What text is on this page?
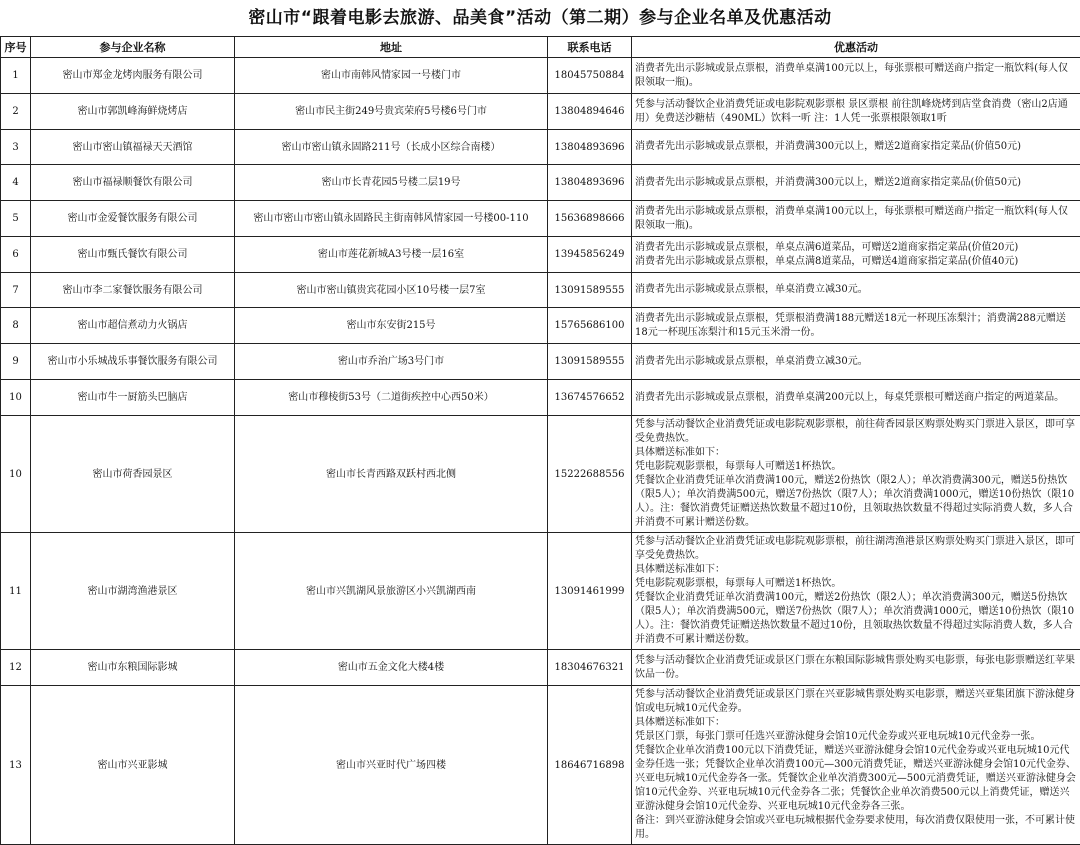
密山市“跟着电影去旅游、品美食”活动（第二期）参与企业名单及优惠活动
序号	参与企业名称	地址	联系电话	优惠活动
1	密山市郑金龙烤肉服务有限公司	密山市南韩风情家园一号楼门市	18045750884	消费者先出示影城或景点票根，消费单桌满100元以上，每张票根可赠送商户指定一瓶饮料(每人仅限领取一瓶)。
2	密山市郭凯峰海鲜烧烤店	密山市民主街249号贵宾荣府5号楼6号门市	13804894646	凭参与活动餐饮企业消费凭证或电影院观影票根 景区票根 前往凯峰烧烤到店堂食消费（密山2店通用）免费送沙糖桔（490ML）饮料一听 注：1人凭一张票根限领取1听
3	密山市密山镇福禄天天酒馆	密山市密山镇永固路211号（长成小区综合南楼）	13804893696	消费者先出示影城或景点票根，并消费满300元以上，赠送2道商家指定菜品(价值50元)
4	密山市福禄顺餐饮有限公司	密山市长青花园5号楼二层19号	13804893696	消费者先出示影城或景点票根，并消费满300元以上，赠送2道商家指定菜品(价值50元)
5	密山市金爱餐饮服务有限公司	密山市密山市密山镇永固路民主街南韩风情家园一号楼00-110	15636898666	消费者先出示影城或景点票根，消费单桌满100元以上，每张票根可赠送商户指定一瓶饮料(每人仅限领取一瓶)。
6	密山市甄氏餐饮有限公司	密山市莲花新城A3号楼一层16室	13945856249	消费者先出示影城或景点票根，单桌点满6道菜品，可赠送2道商家指定菜品(价值20元)
消费者先出示影城或景点票根，单桌点满8道菜品，可赠送4道商家指定菜品(价值40元)
7	密山市李二家餐饮服务有限公司	密山市密山镇贵宾花园小区10号楼一层7室	13091589555	消费者先出示影城或景点票根，单桌消费立减30元。
8	密山市超信煮动力火锅店	密山市东安街215号	15765686100	消费者先出示影城或景点票根，凭票根消费满188元赠送18元一杯现压冻梨汁；消费满288元赠送18元一杯现压冻梨汁和15元玉米滑一份。
9	密山市小乐城战乐事餐饮服务有限公司	密山市乔治广场3号门市	13091589555	消费者先出示影城或景点票根，单桌消费立减30元。
10	密山市牛一厨筋头巴脑店	密山市穆棱街53号（二道街疾控中心西50米）	13674576652	消费者先出示影城或景点票根，消费单桌满200元以上，每桌凭票根可赠送商户指定的两道菜品。
10	密山市荷香园景区	密山市长青西路双跃村西北侧	15222688556	凭参与活动餐饮企业消费凭证或电影院观影票根，前往荷香园景区购票处购买门票进入景区，即可享受免费热饮。
具体赠送标准如下：
凭电影院观影票根，每票每人可赠送1杯热饮。
凭餐饮企业消费凭证单次消费满100元，赠送2份热饮（限2人）；单次消费满300元，赠送5份热饮（限5人）；单次消费满500元，赠送7份热饮（限7人）；单次消费满1000元，赠送10份热饮（限10人）。注：餐饮消费凭证赠送热饮数量不超过10份，且领取热饮数量不得超过实际消费人数，多人合并消费不可累计赠送份数。
11	密山市湖湾渔港景区	密山市兴凯湖风景旅游区小兴凯湖西南	13091461999	凭参与活动餐饮企业消费凭证或电影院观影票根，前往湖湾渔港景区购票处购买门票进入景区，即可享受免费热饮。
具体赠送标准如下：
凭电影院观影票根，每票每人可赠送1杯热饮。
凭餐饮企业消费凭证单次消费满100元，赠送2份热饮（限2人）；单次消费满300元，赠送5份热饮（限5人）；单次消费满500元，赠送7份热饮（限7人）；单次消费满1000元，赠送10份热饮（限10人）。注：餐饮消费凭证赠送热饮数量不超过10份，且领取热饮数量不得超过实际消费人数，多人合并消费不可累计赠送份数。
12	密山市东粮国际影城	密山市五金文化大楼4楼	18304676321	凭参与活动餐饮企业消费凭证或景区门票在东粮国际影城售票处购买电影票，每张电影票赠送红苹果饮品一份。
13	密山市兴亚影城	密山市兴亚时代广场四楼	18646716898	凭参与活动餐饮企业消费凭证或景区门票在兴亚影城售票处购买电影票，赠送兴亚集团旗下游泳健身馆或电玩城10元代金券。
具体赠送标准如下：
凭景区门票，每张门票可任选兴亚游泳健身会馆10元代金券或兴亚电玩城10元代金券一张。
凭餐饮企业单次消费100元以下消费凭证，赠送兴亚游泳健身会馆10元代金券或兴亚电玩城10元代金券任选一张；凭餐饮企业单次消费100元—300元消费凭证，赠送兴亚游泳健身会馆10元代金券、兴亚电玩城10元代金券各一张。凭餐饮企业单次消费300元—500元消费凭证，赠送兴亚游泳健身会馆10元代金券、兴亚电玩城10元代金券各二张；凭餐饮企业单次消费500元以上消费凭证，赠送兴亚游泳健身会馆10元代金券、兴亚电玩城10元代金券各三张。
备注：到兴亚游泳健身会馆或兴亚电玩城根据代金券要求使用，每次消费仅限使用一张，不可累计使用。
